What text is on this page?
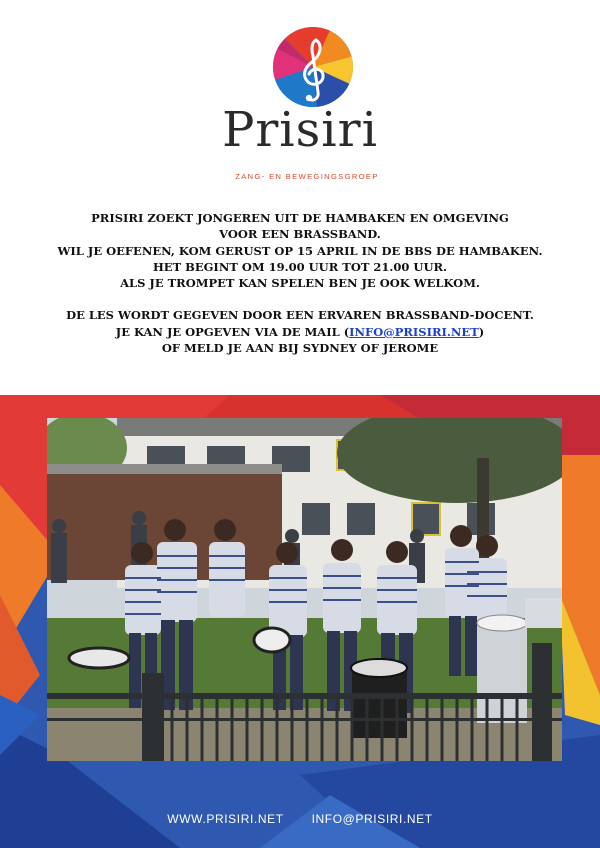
Prisiri
ZANG- EN BEWEGINGSGROEP
PRISIRI ZOEKT JONGEREN UIT DE HAMBAKEN EN OMGEVING
VOOR EEN BRASSBAND.
WIL JE OEFENEN, KOM GERUST OP 15 APRIL IN DE BBS DE HAMBAKEN.
HET BEGINT OM 19.00 UUR TOT 21.00 UUR.
ALS JE TROMPET KAN SPELEN BEN JE OOK WELKOM.
DE LES WORDT GEGEVEN DOOR EEN ERVAREN BRASSBAND-DOCENT.
JE KAN JE OPGEVEN VIA DE MAIL (INFO@PRISIRI.NET)
OF MELD JE AAN BIJ SYDNEY OF JEROME
WWW.PRISIRI.NET INFO@PRISIRI.NET
